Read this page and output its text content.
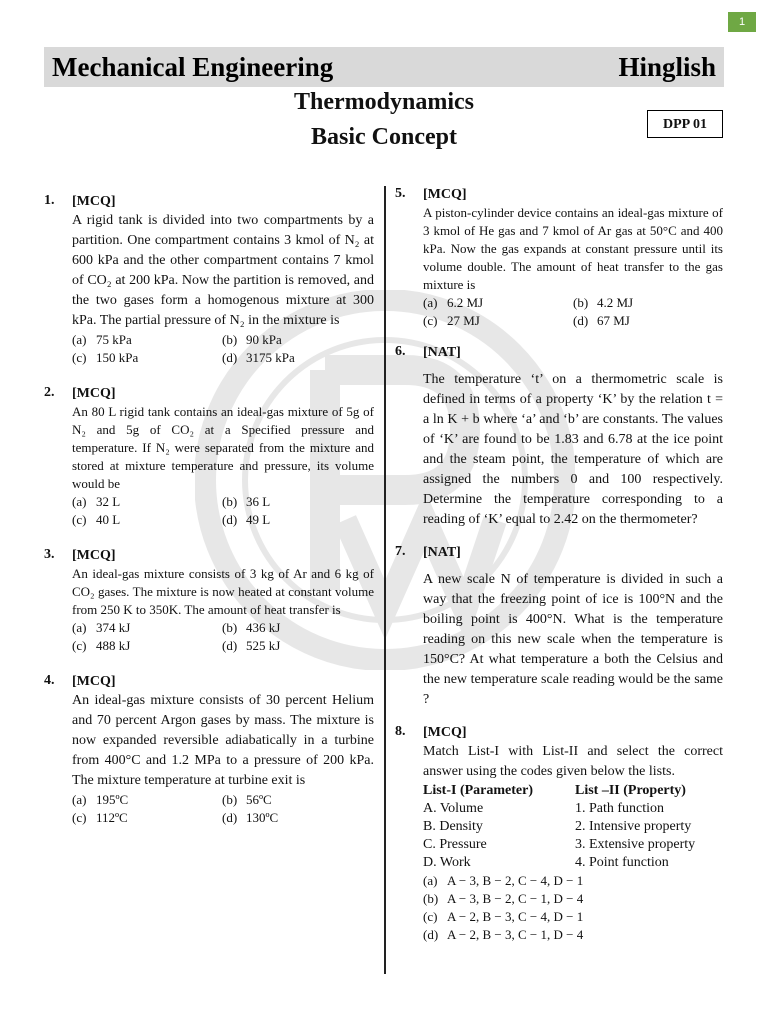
1
Mechanical Engineering	Hinglish
Thermodynamics
Basic Concept	DPP 01
1. [MCQ]
A rigid tank is divided into two compartments by a partition. One compartment contains 3 kmol of N₂ at 600 kPa and the other compartment contains 7 kmol of CO₂ at 200 kPa. Now the partition is removed, and the two gases form a homogenous mixture at 300 kPa. The partial pressure of N₂ in the mixture is
(a) 75 kPa	(b) 90 kPa
(c) 150 kPa	(d) 3175 kPa
2. [MCQ]
An 80 L rigid tank contains an ideal-gas mixture of 5g of N₂ and 5g of CO₂ at a Specified pressure and temperature. If N₂ were separated from the mixture and stored at mixture temperature and pressure, its volume would be
(a) 32 L	(b) 36 L
(c) 40 L	(d) 49 L
3. [MCQ]
An ideal-gas mixture consists of 3 kg of Ar and 6 kg of CO₂ gases. The mixture is now heated at constant volume from 250 K to 350K. The amount of heat transfer is
(a) 374 kJ	(b) 436 kJ
(c) 488 kJ	(d) 525 kJ
4. [MCQ]
An ideal-gas mixture consists of 30 percent Helium and 70 percent Argon gases by mass. The mixture is now expanded reversible adiabatically in a turbine from 400°C and 1.2 MPa to a pressure of 200 kPa. The mixture temperature at turbine exit is
(a) 195ºC	(b) 56ºC
(c) 112ºC	(d) 130ºC
5. [MCQ]
A piston-cylinder device contains an ideal-gas mixture of 3 kmol of He gas and 7 kmol of Ar gas at 50°C and 400 kPa. Now the gas expands at constant pressure until its volume double. The amount of heat transfer to the gas mixture is
(a) 6.2 MJ	(b) 4.2 MJ
(c) 27 MJ	(d) 67 MJ
6. [NAT]
The temperature ‘t’ on a thermometric scale is defined in terms of a property ‘K’ by the relation t = a ln K + b where ‘a’ and ‘b’ are constants. The values of ‘K’ are found to be 1.83 and 6.78 at the ice point and the steam point, the temperature of which are assigned the numbers 0 and 100 respectively. Determine the temperature corresponding to a reading of ‘K’ equal to 2.42 on the thermometer?
7. [NAT]
A new scale N of temperature is divided in such a way that the freezing point of ice is 100°N and the boiling point is 400°N. What is the temperature reading on this new scale when the temperature is 150°C? At what temperature a both the Celsius and the new temperature scale reading would be the same ?
8. [MCQ]
Match List-I with List-II and select the correct answer using the codes given below the lists.
List-I (Parameter)	List –II (Property)
A. Volume	1. Path function
B. Density	2. Intensive property
C. Pressure	3. Extensive property
D. Work	4. Point function
(a) A − 3, B − 2, C − 4, D − 1
(b) A − 3, B − 2, C − 1, D − 4
(c) A − 2, B − 3, C − 4, D − 1
(d) A − 2, B − 3, C − 1, D − 4
